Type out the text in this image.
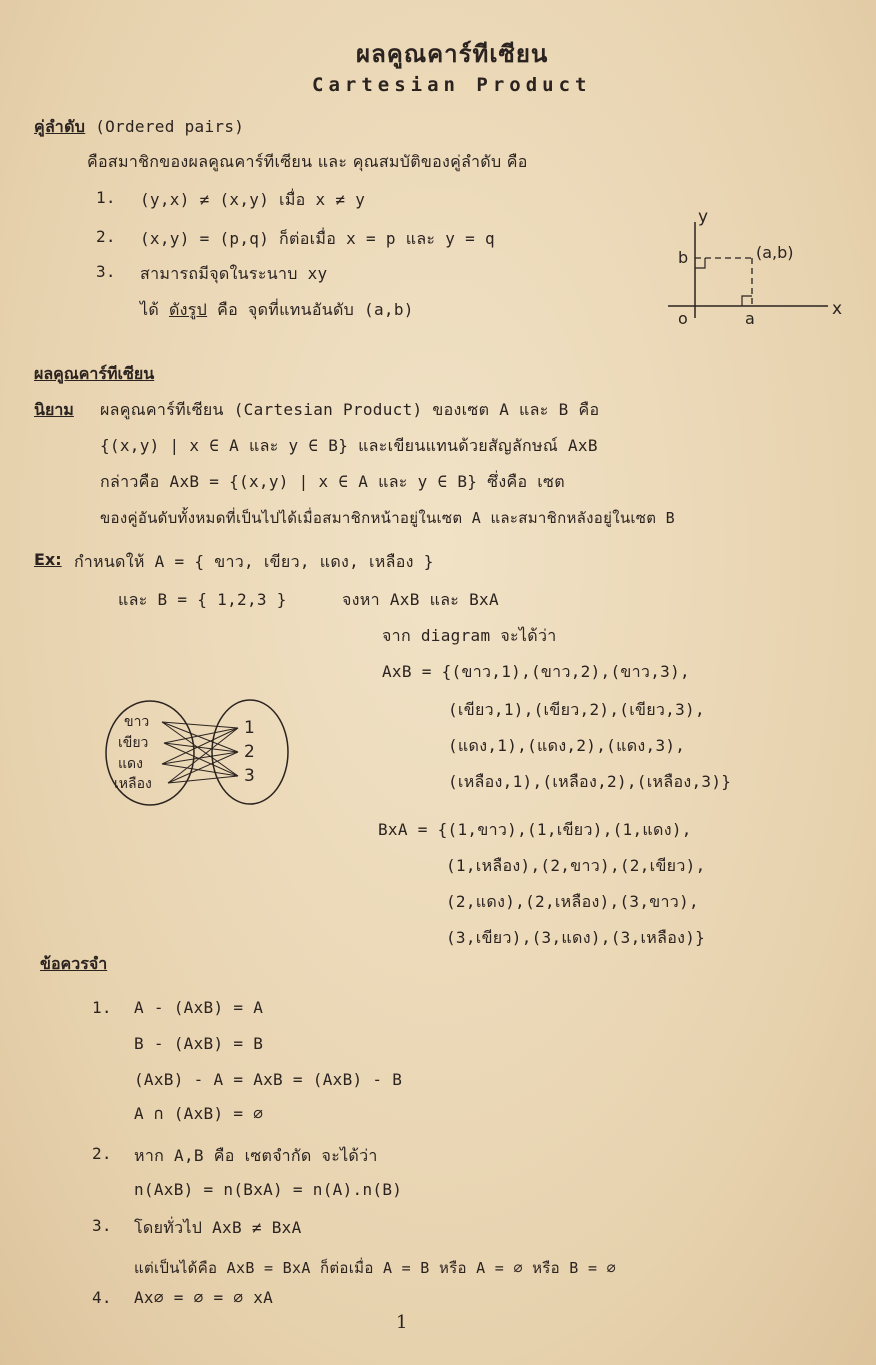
ผลคูณคาร์ทีเซียน
Cartesian Product
คู่ลำดับ (Ordered pairs)
คือสมาชิกของผลคูณคาร์ทีเซียน และ คุณสมบัติของคู่ลำดับ คือ
1. (y,x) ≠ (x,y) เมื่อ x ≠ y
2. (x,y) = (p,q) ก็ต่อเมื่อ x = p และ y = q
3. สามารถมีจุดในระนาบ xy
ได้ ดังรูป คือ จุดที่แทนอันดับ (a,b)
y
x
o	a
b	(a,b)
ผลคูณคาร์ทีเซียน
นิยาม ผลคูณคาร์ทีเซียน (Cartesian Product) ของเซต A และ B คือ
{(x,y) | x ∈ A และ y ∈ B} และเขียนแทนด้วยสัญลักษณ์ AxB
กล่าวคือ AxB = {(x,y) | x ∈ A และ y ∈ B} ซึ่งคือ เซต
ของคู่อันดับทั้งหมดที่เป็นไปได้เมื่อสมาชิกหน้าอยู่ในเซต A และสมาชิกหลังอยู่ในเซต B
Ex: กำหนดให้ A = { ขาว, เขียว, แดง, เหลือง }
และ B = { 1,2,3 }	จงหา AxB และ BxA
จาก diagram จะได้ว่า
AxB = {(ขาว,1),(ขาว,2),(ขาว,3),
(เขียว,1),(เขียว,2),(เขียว,3),
(แดง,1),(แดง,2),(แดง,3),
(เหลือง,1),(เหลือง,2),(เหลือง,3)}
BxA = {(1,ขาว),(1,เขียว),(1,แดง),
(1,เหลือง),(2,ขาว),(2,เขียว),
(2,แดง),(2,เหลือง),(3,ขาว),
(3,เขียว),(3,แดง),(3,เหลือง)}
ขาว
เขียว
แดง
เหลือง
1
2
3
ข้อควรจำ
1. A - (AxB) = A
B - (AxB) = B
(AxB) - A = AxB = (AxB) - B
A ∩ (AxB) = ∅
2. หาก A,B คือ เซตจำกัด จะได้ว่า
n(AxB) = n(BxA) = n(A).n(B)
3. โดยทั่วไป AxB ≠ BxA
แต่เป็นได้คือ AxB = BxA ก็ต่อเมื่อ A = B หรือ A = ∅ หรือ B = ∅
4. Ax∅ = ∅ = ∅ xA
1
